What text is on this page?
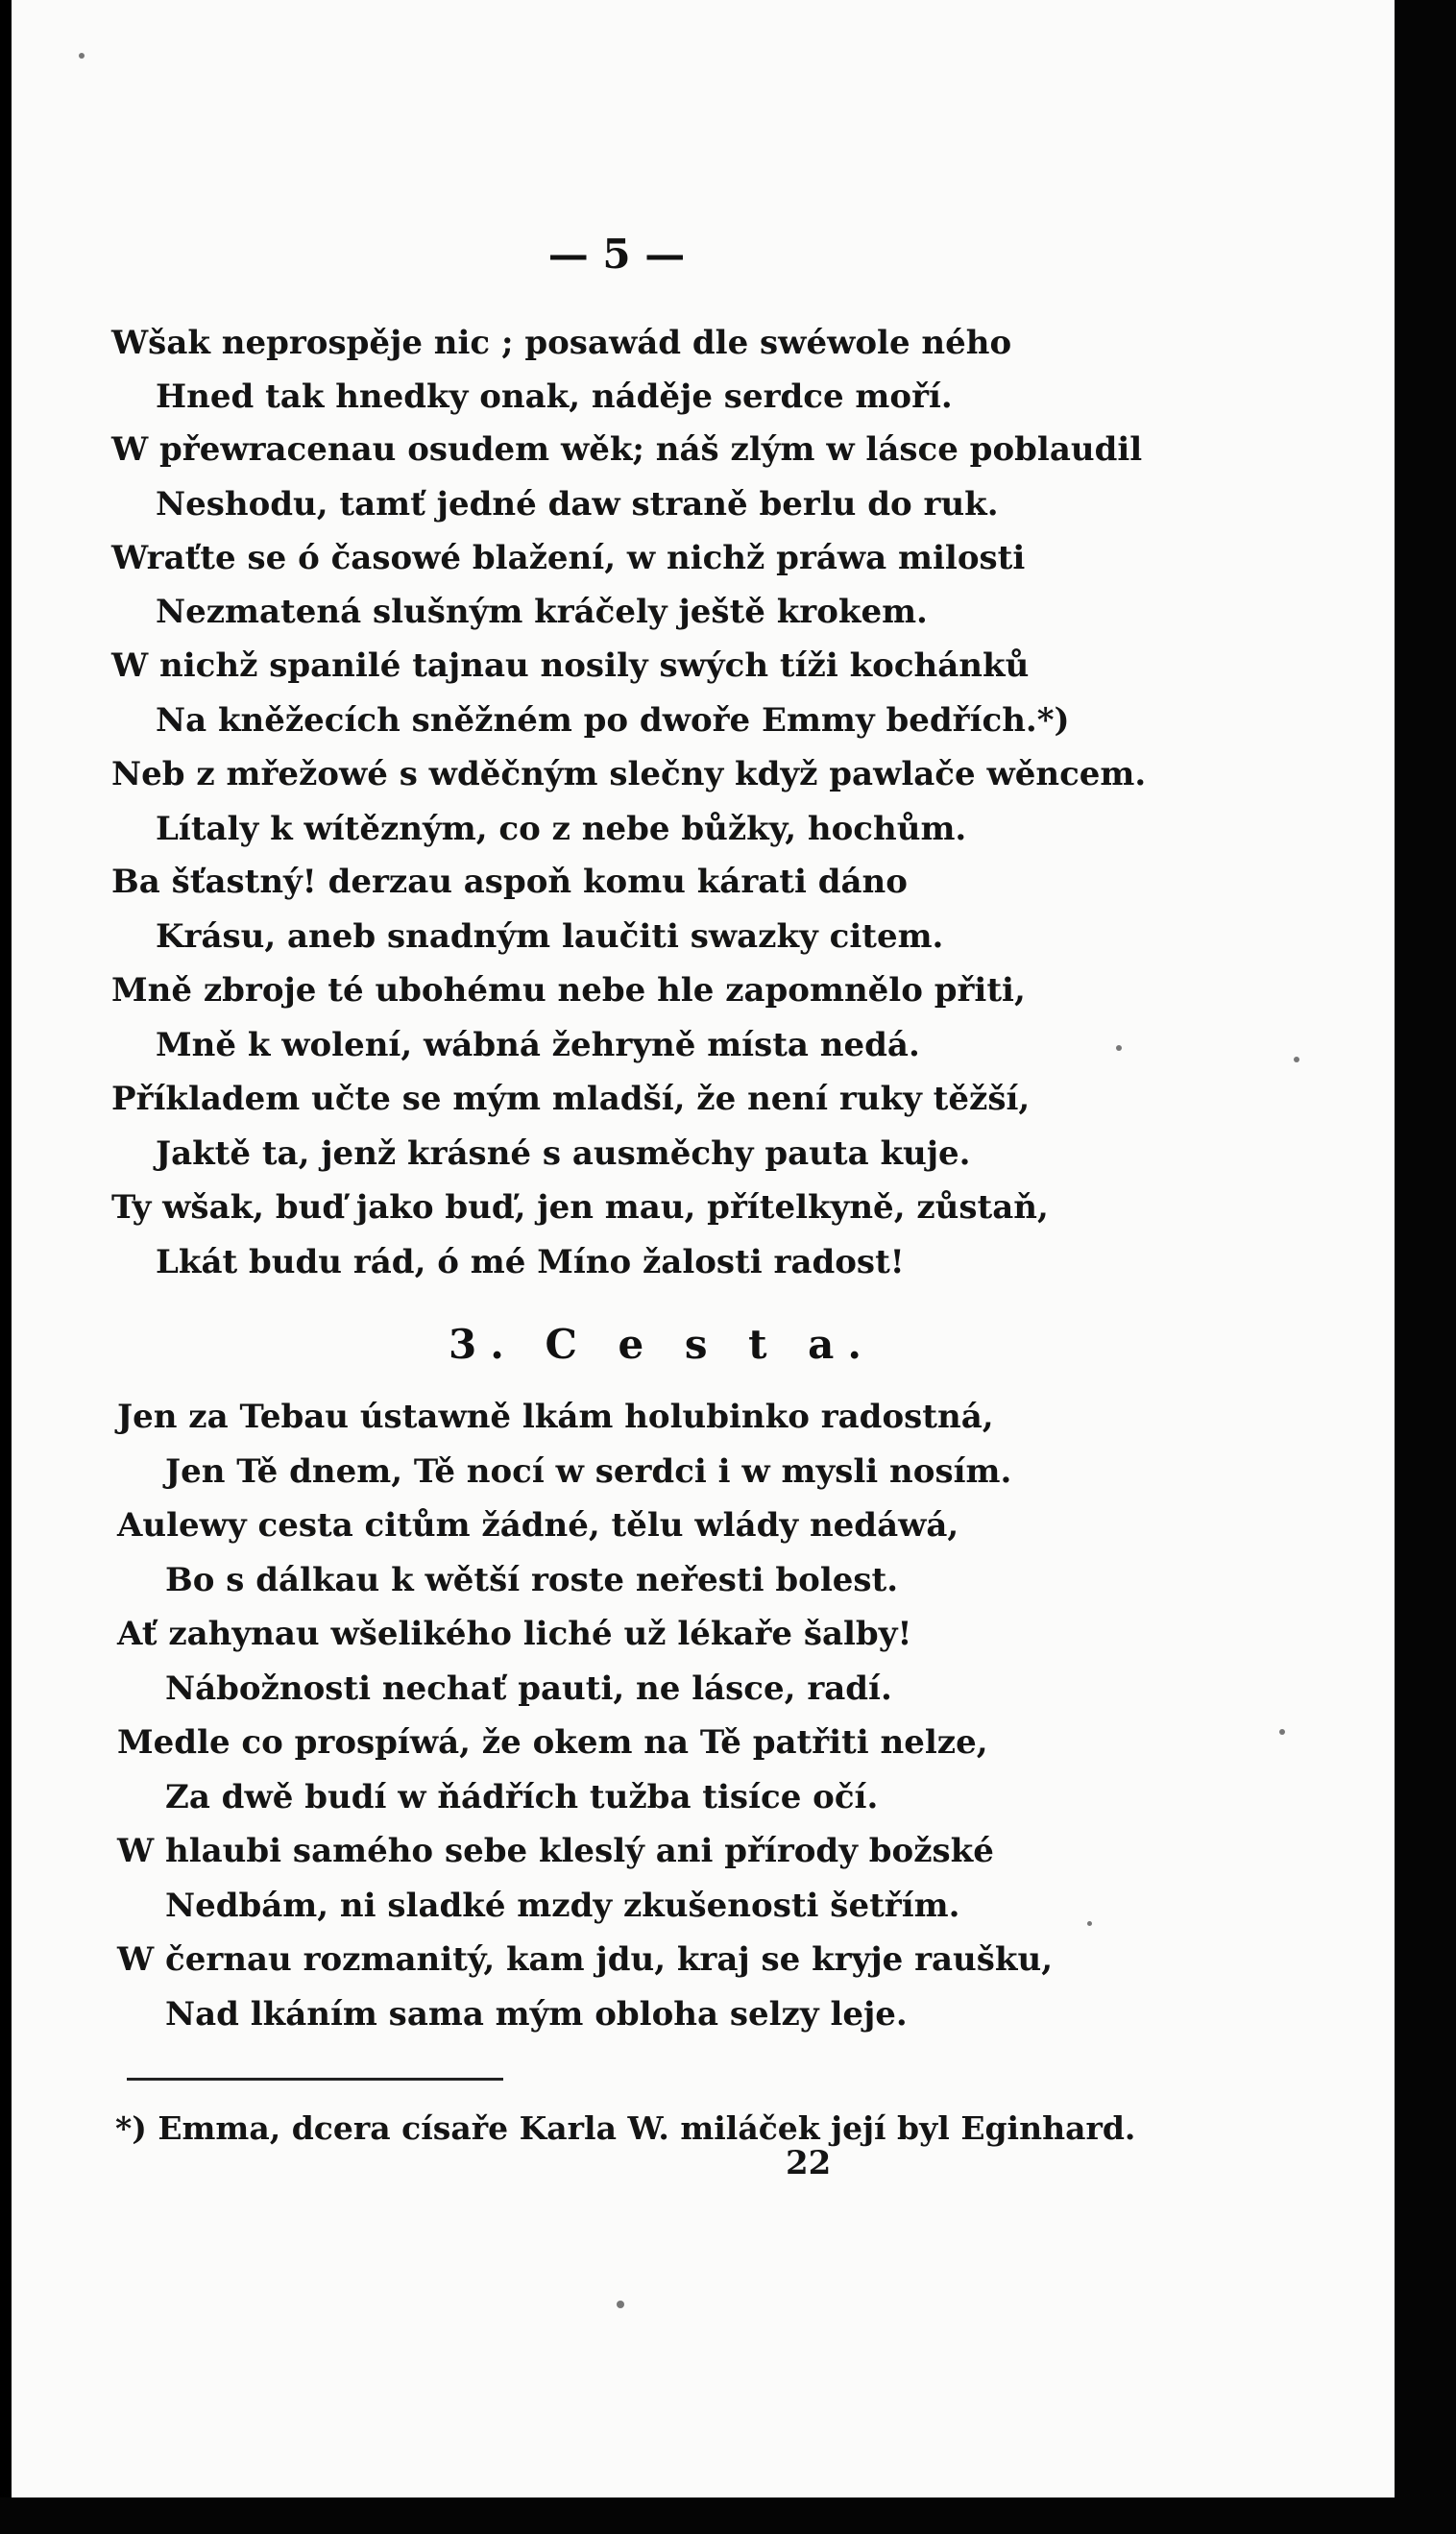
— 5 —
Wšak neprospěje nic ; posawád dle swéwole ného
Hned tak hnedky onak, náděje serdce moří.
W přewracenau osudem wěk; náš zlým w lásce poblaudil
Neshodu, tamť jedné daw straně berlu do ruk.
Wraťte se ó časowé blažení, w nichž práwa milosti
Nezmatená slušným kráčely ještě krokem.
W nichž spanilé tajnau nosily swých tíži kochánků
Na kněžecích sněžném po dwoře Emmy bedřích.*)
Neb z mřežowé s wděčným slečny když pawlače wěncem.
Lítaly k wítězným, co z nebe bůžky, hochům.
Ba šťastný! derzau aspoň komu kárati dáno
Krásu, aneb snadným laučiti swazky citem.
Mně zbroje té ubohému nebe hle zapomnělo přiti,
Mně k wolení, wábná žehryně místa nedá.
Příkladem učte se mým mladší, že není ruky těžší,
Jaktě ta, jenž krásné s ausměchy pauta kuje.
Ty wšak, buď jako buď, jen mau, přítelkyně, zůstaň,
Lkát budu rád, ó mé Míno žalosti radost!
3. C e s t a.
Jen za Tebau ústawně lkám holubinko radostná,
Jen Tě dnem, Tě nocí w serdci i w mysli nosím.
Aulewy cesta citům žádné, tělu wlády nedáwá,
Bo s dálkau k wětší roste neřesti bolest.
Ať zahynau wšelikého liché už lékaře šalby!
Nábožnosti nechať pauti, ne lásce, radí.
Medle co prospíwá, že okem na Tě patřiti nelze,
Za dwě budí w ňádřích tužba tisíce očí.
W hlaubi samého sebe kleslý ani přírody božské
Nedbám, ni sladké mzdy zkušenosti šetřím.
W černau rozmanitý, kam jdu, kraj se kryje raušku,
Nad lkáním sama mým obloha selzy leje.
*) Emma, dcera císaře Karla W. miláček její byl Eginhard.
22
